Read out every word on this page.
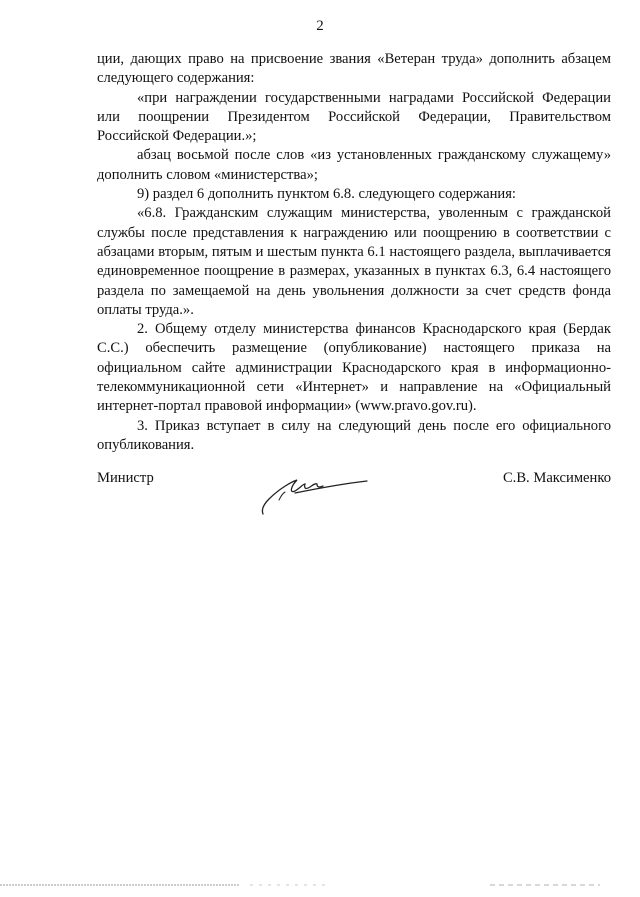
2

ции, дающих право на присвоение звания «Ветеран труда» дополнить абзацем следующего содержания:

«при награждении государственными наградами Российской Федерации или поощрении Президентом Российской Федерации, Правительством Российской Федерации.»;

абзац восьмой после слов «из установленных гражданскому служащему» дополнить словом «министерства»;

9) раздел 6 дополнить пунктом 6.8. следующего содержания:

«6.8. Гражданским служащим министерства, уволенным с гражданской службы после представления к награждению или поощрению в соответствии с абзацами вторым, пятым и шестым пункта 6.1 настоящего раздела, выплачивается единовременное поощрение в размерах, указанных в пунктах 6.3, 6.4 настоящего раздела по замещаемой на день увольнения должности за счет средств фонда оплаты труда.».

2. Общему отделу министерства финансов Краснодарского края (Бердак С.С.) обеспечить размещение (опубликование) настоящего приказа на официальном сайте администрации Краснодарского края в информационно-телекоммуникационной сети «Интернет» и направление на «Официальный интернет-портал правовой информации» (www.pravo.gov.ru).

3. Приказ вступает в силу на следующий день после его официального опубликования.

Министр	С.В. Максименко
